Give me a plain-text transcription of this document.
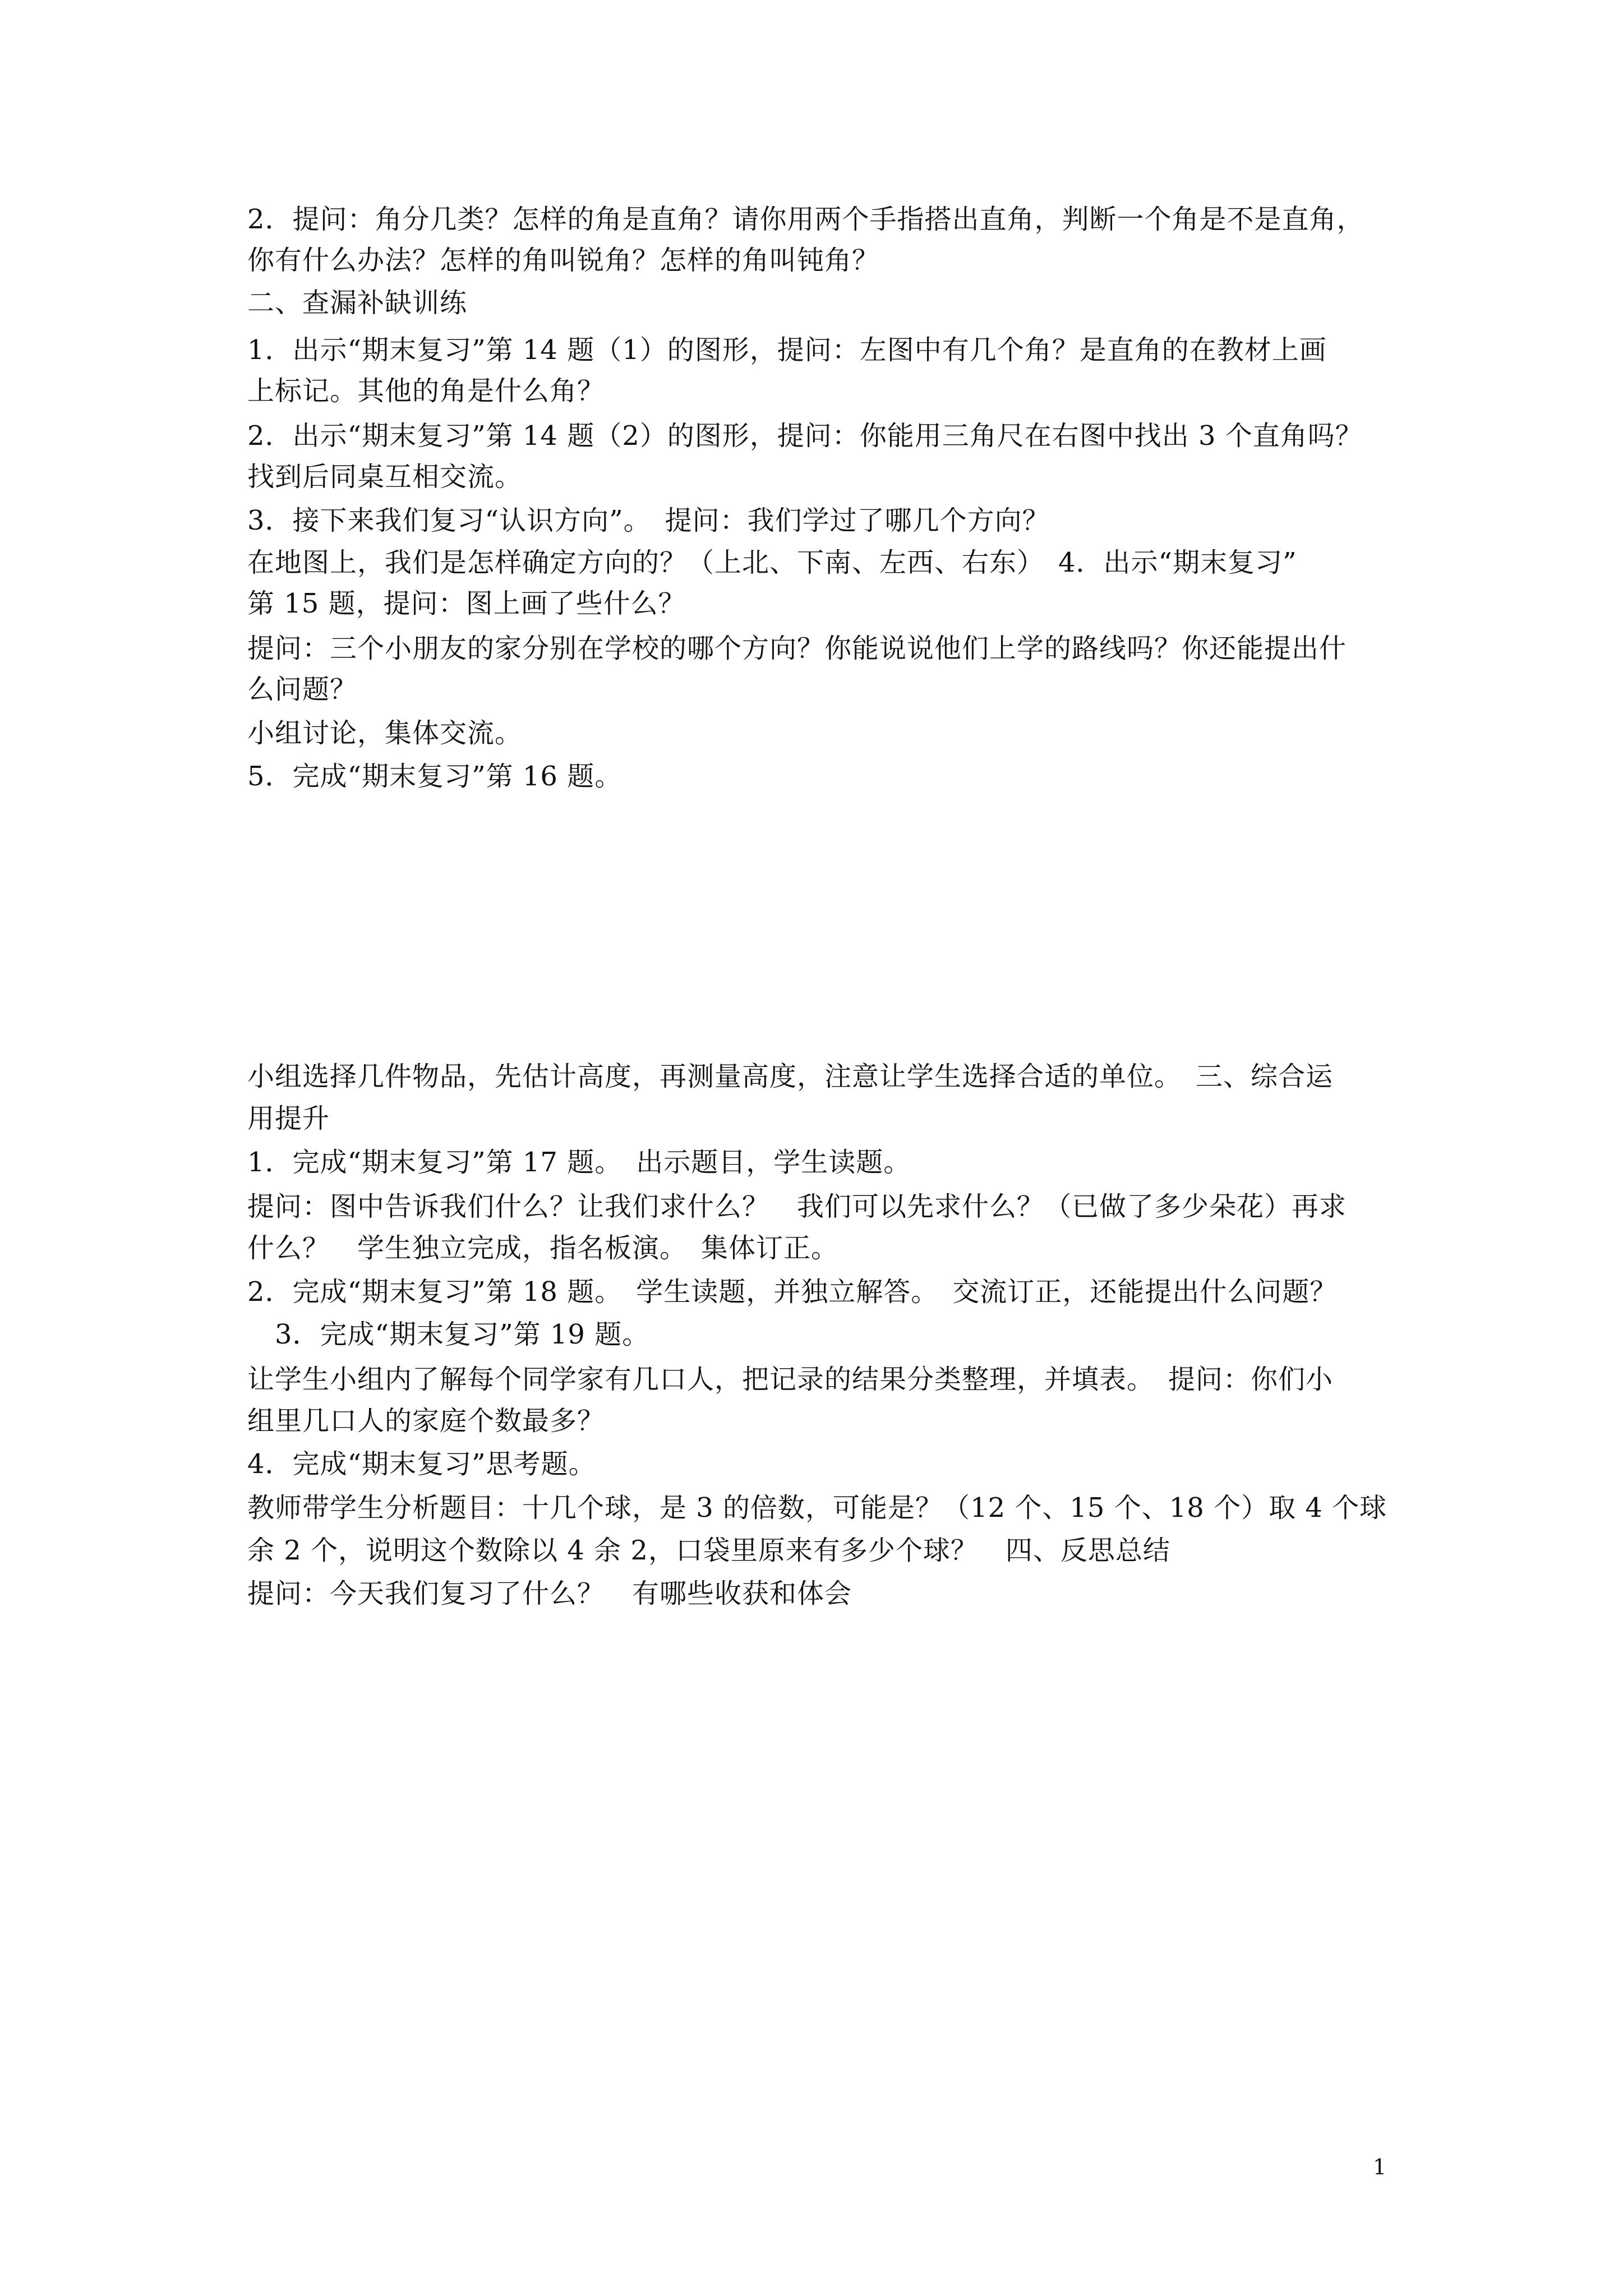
2．提问：角分几类？怎样的角是直角？请你用两个手指搭出直角，判断一个角是不是直角，
你有什么办法？怎样的角叫锐角？怎样的角叫钝角？
二、查漏补缺训练
1．出示“期末复习”第 14 题（1）的图形，提问：左图中有几个角？是直角的在教材上画
上标记。其他的角是什么角？
2．出示“期末复习”第 14 题（2）的图形，提问：你能用三角尺在右图中找出 3 个直角吗？
找到后同桌互相交流。
3．接下来我们复习“认识方向”。　提问：我们学过了哪几个方向？
在地图上，我们是怎样确定方向的？（上北、下南、左西、右东）　4．出示“期末复习”
第 15 题，提问：图上画了些什么？
提问：三个小朋友的家分别在学校的哪个方向？你能说说他们上学的路线吗？你还能提出什
么问题？
小组讨论，集体交流。
5．完成“期末复习”第 16 题。
小组选择几件物品，先估计高度，再测量高度，注意让学生选择合适的单位。　三、综合运
用提升
1．完成“期末复习”第 17 题。　出示题目，学生读题。
提问：图中告诉我们什么？让我们求什么？　我们可以先求什么？（已做了多少朵花）再求
什么？　学生独立完成，指名板演。　集体订正。
2．完成“期末复习”第 18 题。　学生读题，并独立解答。　交流订正，还能提出什么问题？
　3．完成“期末复习”第 19 题。
让学生小组内了解每个同学家有几口人，把记录的结果分类整理，并填表。　提问：你们小
组里几口人的家庭个数最多？
4．完成“期末复习”思考题。
教师带学生分析题目：十几个球，是 3 的倍数，可能是？（12 个、15 个、18 个）取 4 个球
余 2 个，说明这个数除以 4 余 2，口袋里原来有多少个球？　四、反思总结
提问：今天我们复习了什么？　有哪些收获和体会
1
